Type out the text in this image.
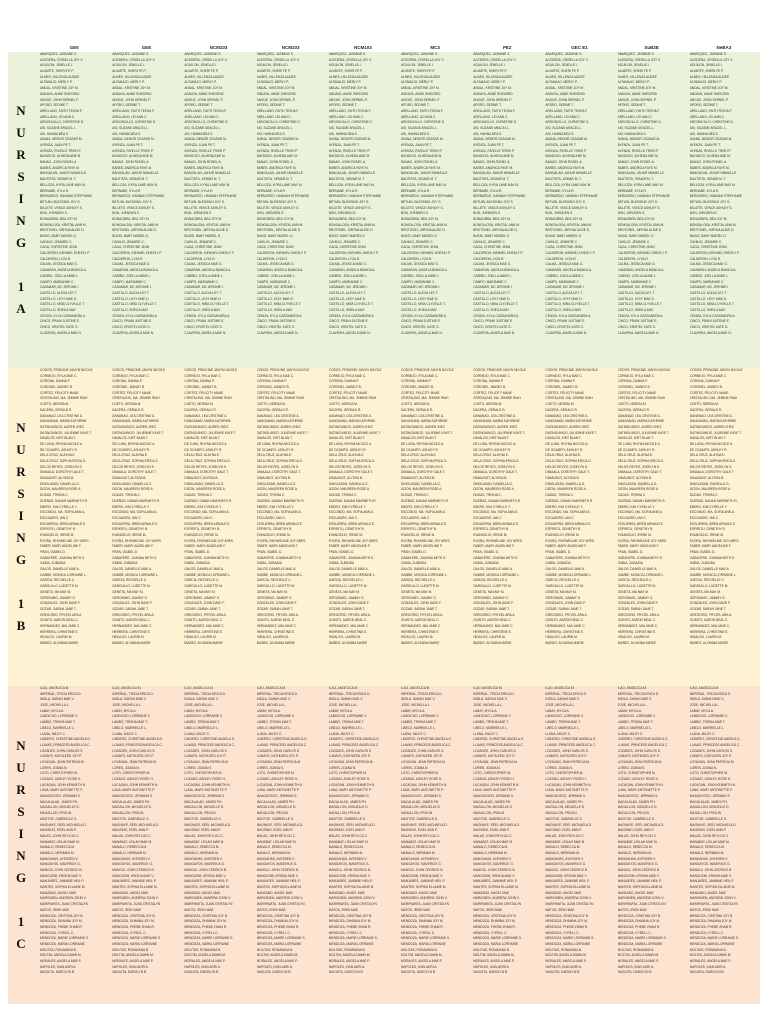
GE5	GE8	NCM103	NCM103	NCM103	MC3	PE2	GEC E1	SuB2E	NeBA3
ABARQUEZ, JASMINE S.
ACEDERA, CRISELLA JOY V.
AGUILON, JENELLE I.
ALVARTE, SHERI FE P.
ALMES, HILLENZA AUDEE
ALTAMAJO, MERLY P.
ANDAL, KRISTINE JOY M.
ANDAYA, ANNE SHEIGRID
ANGUE, JOHN SERNEL P.
APORO, SEDINE T.
ARELLANO, FAITH TEZHA F.
ARELLANO, LEI ANN C.
ARGONCILLO, CHRISTINE D.
ASI, SUZANE ARACEL L.
ASI, HANNA BEA S.
AVANA, NEMOR CEASAR M.
AYENZA, JUAN PE T.
AYENZA, RIVELLE TRISH P.
BAYADOG, ALHENA ANE M.
BANAG, JOHN RONEL A.
BAÑES, ANDRICA FAYE M.
BANGALAN, JAHUR NIMAELLE
BAUTISTA, XEMAR M. T.
BELLOZA, KYRA LANE MAY M.
BERNABE, KYLA R.
BERNARDO, HANNAH STEPHANIE
BETUIN, BLESSING JOY S.
BILLETE, VENCE ASHLEY S.
BON, JHENDEN S.
BONAOBRA, BEA JOY M.
BONGALOSA, KRISTAL ANN M.
BROTONEL, MRYNA ALDIE D.
BUKID, BABY MARIEL D.
CAHILIG, JEMARIE C.
CAGA, CHRISTINE JEAN
CALDERON, KIENNEL DHESLY P.
CALDERON, LYZA R.
CALMA, JESSICA MAE G.
CAMARAN, ANGELA BIANCA A.
CAÑIÑO, JOELLA ANNE L.
CAMPO, MARIANNE C.
CASAMAR, MC JEROME I.
CASTILLO, ALEXA LEY T.
CASTILLO, LEXY MAE D.
CASTILLO, NIÑA CLYVELLE T.
CASTILLO, SHEILA MAY
CENIZA, KYLA CASSANDRA A.
CINCO, PRANI JUSTINE E.
CINCO, KRISTEL KATE G.
CLAVERIA, ANGELA MAE N.
ABARQUEZ, JASMINE S.
ACEDERA, CRISELLA JOY V.
AGUILON, JENELLE I.
ALVARTE, SHERI FE P.
ALMES, HILLENZA AUDEE
ALTAMAJO, MERLY P.
ANDAL, KRISTINE JOY M.
ANDAYA, ANNE SHEIGRID
ANGUE, JOHN SERNEL P.
APORO, SEDINE T.
ARELLANO, FAITH TEZHA F.
ARELLANO, LEI ANN C.
ARGONCILLO, CHRISTINE D.
ASI, SUZANE ARACEL L.
ASI, HANNA BEA S.
AVANA, NEMOR CEASAR M.
AYENZA, JUAN PE T.
AYENZA, RIVELLE TRISH P.
BAYADOG, ALHENA ANE M.
BANAG, JOHN RONEL A.
BAÑES, ANDRICA FAYE M.
BANGALAN, JAHUR NIMAELLE
BAUTISTA, XEMAR M. T.
BELLOZA, KYRA LANE MAY M.
BERNABE, KYLA R.
BERNARDO, HANNAH STEPHANIE
BETUIN, BLESSING JOY S.
BILLETE, VENCE ASHLEY S.
BON, JHENDEN S.
BONAOBRA, BEA JOY M.
BONGALOSA, KRISTAL ANN M.
BROTONEL, MRYNA ALDIE D.
BUKID, BABY MARIEL D.
CAHILIG, JEMARIE C.
CAGA, CHRISTINE JEAN
CALDERON, KIENNEL DHESLY P.
CALDERON, LYZA R.
CALMA, JESSICA MAE G.
CAMARAN, ANGELA BIANCA A.
CAÑIÑO, JOELLA ANNE L.
CAMPO, MARIANNE C.
CASAMAR, MC JEROME I.
CASTILLO, ALEXA LEY T.
CASTILLO, LEXY MAE D.
CASTILLO, NIÑA CLYVELLE T.
CASTILLO, SHEILA MAY
CENIZA, KYLA CASSANDRA A.
CINCO, PRANI JUSTINE E.
CINCO, KRISTEL KATE G.
CLAVERIA, ANGELA MAE N.
ABARQUEZ, JASMINE S.
ACEDERA, CRISELLA JOY V.
AGUILON, JENELLE I.
ALVARTE, SHERI FE P.
ALMES, HILLENZA AUDEE
ALTAMAJO, MERLY P.
ANDAL, KRISTINE JOY M.
ANDAYA, ANNE SHEIGRID
ANGUE, JOHN SERNEL P.
APORO, SEDINE T.
ARELLANO, FAITH TEZHA F.
ARELLANO, LEI ANN C.
ARGONCILLO, CHRISTINE D.
ASI, SUZANE ARACEL L.
ASI, HANNA BEA S.
AVANA, NEMOR CEASAR M.
AYENZA, JUAN PE T.
AYENZA, RIVELLE TRISH P.
BAYADOG, ALHENA ANE M.
BANAG, JOHN RONEL A.
BAÑES, ANDRICA FAYE M.
BANGALAN, JAHUR NIMAELLE
BAUTISTA, XEMAR M. T.
BELLOZA, KYRA LANE MAY M.
BERNABE, KYLA R.
BERNARDO, HANNAH STEPHANIE
BETUIN, BLESSING JOY S.
BILLETE, VENCE ASHLEY S.
BON, JHENDEN S.
BONAOBRA, BEA JOY M.
BONGALOSA, KRISTAL ANN M.
BROTONEL, MRYNA ALDIE D.
BUKID, BABY MARIEL D.
CAHILIG, JEMARIE C.
CAGA, CHRISTINE JEAN
CALDERON, KIENNEL DHESLY P.
CALDERON, LYZA R.
CALMA, JESSICA MAE G.
CAMARAN, ANGELA BIANCA A.
CAÑIÑO, JOELLA ANNE L.
CAMPO, MARIANNE C.
CASAMAR, MC JEROME I.
CASTILLO, ALEXA LEY T.
CASTILLO, LEXY MAE D.
CASTILLO, NIÑA CLYVELLE T.
CASTILLO, SHEILA MAY
CENIZA, KYLA CASSANDRA A.
CINCO, PRANI JUSTINE E.
CINCO, KRISTEL KATE G.
CLAVERIA, ANGELA MAE N.
ABARQUEZ, JASMINE S.
ACEDERA, CRISELLA JOY V.
AGUILON, JENELLE I.
ALVARTE, SHERI FE P.
ALMES, HILLENZA AUDEE
ALTAMAJO, MERLY P.
ANDAL, KRISTINE JOY M.
ANDAYA, ANNE SHEIGRID
ANGUE, JOHN SERNEL P.
APORO, SEDINE T.
ARELLANO, FAITH TEZHA F.
ARELLANO, LEI ANN C.
ARGONCILLO, CHRISTINE D.
ASI, SUZANE ARACEL L.
ASI, HANNA BEA S.
AVANA, NEMOR CEASAR M.
AYENZA, JUAN PE T.
AYENZA, RIVELLE TRISH P.
BAYADOG, ALHENA ANE M.
BANAG, JOHN RONEL A.
BAÑES, ANDRICA FAYE M.
BANGALAN, JAHUR NIMAELLE
BAUTISTA, XEMAR M. T.
BELLOZA, KYRA LANE MAY M.
BERNABE, KYLA R.
BERNARDO, HANNAH STEPHANIE
BETUIN, BLESSING JOY S.
BILLETE, VENCE ASHLEY S.
BON, JHENDEN S.
BONAOBRA, BEA JOY M.
BONGALOSA, KRISTAL ANN M.
BROTONEL, MRYNA ALDIE D.
BUKID, BABY MARIEL D.
CAHILIG, JEMARIE C.
CAGA, CHRISTINE JEAN
CALDERON, KIENNEL DHESLY P.
CALDERON, LYZA R.
CALMA, JESSICA MAE G.
CAMARAN, ANGELA BIANCA A.
CAÑIÑO, JOELLA ANNE L.
CAMPO, MARIANNE C.
CASAMAR, MC JEROME I.
CASTILLO, ALEXA LEY T.
CASTILLO, LEXY MAE D.
CASTILLO, NIÑA CLYVELLE T.
CASTILLO, SHEILA MAY
CENIZA, KYLA CASSANDRA A.
CINCO, PRANI JUSTINE E.
CINCO, KRISTEL KATE G.
CLAVERIA, ANGELA MAE N.
ABARQUEZ, JASMINE S.
ACEDERA, CRISELLA JOY V.
AGUILON, JENELLE I.
ALVARTE, SHERI FE P.
ALMES, HILLENZA AUDEE
ALTAMAJO, MERLY P.
ANDAL, KRISTINE JOY M.
ANDAYA, ANNE SHEIGRID
ANGUE, JOHN SERNEL P.
APORO, SEDINE T.
ARELLANO, FAITH TEZHA F.
ARELLANO, LEI ANN C.
ARGONCILLO, CHRISTINE D.
ASI, SUZANE ARACEL L.
ASI, HANNA BEA S.
AVANA, NEMOR CEASAR M.
AYENZA, JUAN PE T.
AYENZA, RIVELLE TRISH P.
BAYADOG, ALHENA ANE M.
BANAG, JOHN RONEL A.
BAÑES, ANDRICA FAYE M.
BANGALAN, JAHUR NIMAELLE
BAUTISTA, XEMAR M. T.
BELLOZA, KYRA LANE MAY M.
BERNABE, KYLA R.
BERNARDO, HANNAH STEPHANIE
BETUIN, BLESSING JOY S.
BILLETE, VENCE ASHLEY S.
BON, JHENDEN S.
BONAOBRA, BEA JOY M.
BONGALOSA, KRISTAL ANN M.
BROTONEL, MRYNA ALDIE D.
BUKID, BABY MARIEL D.
CAHILIG, JEMARIE C.
CAGA, CHRISTINE JEAN
CALDERON, KIENNEL DHESLY P.
CALDERON, LYZA R.
CALMA, JESSICA MAE G.
CAMARAN, ANGELA BIANCA A.
CAÑIÑO, JOELLA ANNE L.
CAMPO, MARIANNE C.
CASAMAR, MC JEROME I.
CASTILLO, ALEXA LEY T.
CASTILLO, LEXY MAE D.
CASTILLO, NIÑA CLYVELLE T.
CASTILLO, SHEILA MAY
CENIZA, KYLA CASSANDRA A.
CINCO, PRANI JUSTINE E.
CINCO, KRISTEL KATE G.
CLAVERIA, ANGELA MAE N.
ABARQUEZ, JASMINE S.
ACEDERA, CRISELLA JOY V.
AGUILON, JENELLE I.
ALVARTE, SHERI FE P.
ALMES, HILLENZA AUDEE
ALTAMAJO, MERLY P.
ANDAL, KRISTINE JOY M.
ANDAYA, ANNE SHEIGRID
ANGUE, JOHN SERNEL P.
APORO, SEDINE T.
ARELLANO, FAITH TEZHA F.
ARELLANO, LEI ANN C.
ARGONCILLO, CHRISTINE D.
ASI, SUZANE ARACEL L.
ASI, HANNA BEA S.
AVANA, NEMOR CEASAR M.
AYENZA, JUAN PE T.
AYENZA, RIVELLE TRISH P.
BAYADOG, ALHENA ANE M.
BANAG, JOHN RONEL A.
BAÑES, ANDRICA FAYE M.
BANGALAN, JAHUR NIMAELLE
BAUTISTA, XEMAR M. T.
BELLOZA, KYRA LANE MAY M.
BERNABE, KYLA R.
BERNARDO, HANNAH STEPHANIE
BETUIN, BLESSING JOY S.
BILLETE, VENCE ASHLEY S.
BON, JHENDEN S.
BONAOBRA, BEA JOY M.
BONGALOSA, KRISTAL ANN M.
BROTONEL, MRYNA ALDIE D.
BUKID, BABY MARIEL D.
CAHILIG, JEMARIE C.
CAGA, CHRISTINE JEAN
CALDERON, KIENNEL DHESLY P.
CALDERON, LYZA R.
CALMA, JESSICA MAE G.
CAMARAN, ANGELA BIANCA A.
CAÑIÑO, JOELLA ANNE L.
CAMPO, MARIANNE C.
CASAMAR, MC JEROME I.
CASTILLO, ALEXA LEY T.
CASTILLO, LEXY MAE D.
CASTILLO, NIÑA CLYVELLE T.
CASTILLO, SHEILA MAY
CENIZA, KYLA CASSANDRA A.
CINCO, PRANI JUSTINE E.
CINCO, KRISTEL KATE G.
CLAVERIA, ANGELA MAE N.
ABARQUEZ, JASMINE S.
ACEDERA, CRISELLA JOY V.
AGUILON, JENELLE I.
ALVARTE, SHERI FE P.
ALMES, HILLENZA AUDEE
ALTAMAJO, MERLY P.
ANDAL, KRISTINE JOY M.
ANDAYA, ANNE SHEIGRID
ANGUE, JOHN SERNEL P.
APORO, SEDINE T.
ARELLANO, FAITH TEZHA F.
ARELLANO, LEI ANN C.
ARGONCILLO, CHRISTINE D.
ASI, SUZANE ARACEL L.
ASI, HANNA BEA S.
AVANA, NEMOR CEASAR M.
AYENZA, JUAN PE T.
AYENZA, RIVELLE TRISH P.
BAYADOG, ALHENA ANE M.
BANAG, JOHN RONEL A.
BAÑES, ANDRICA FAYE M.
BANGALAN, JAHUR NIMAELLE
BAUTISTA, XEMAR M. T.
BELLOZA, KYRA LANE MAY M.
BERNABE, KYLA R.
BERNARDO, HANNAH STEPHANIE
BETUIN, BLESSING JOY S.
BILLETE, VENCE ASHLEY S.
BON, JHENDEN S.
BONAOBRA, BEA JOY M.
BONGALOSA, KRISTAL ANN M.
BROTONEL, MRYNA ALDIE D.
BUKID, BABY MARIEL D.
CAHILIG, JEMARIE C.
CAGA, CHRISTINE JEAN
CALDERON, KIENNEL DHESLY P.
CALDERON, LYZA R.
CALMA, JESSICA MAE G.
CAMARAN, ANGELA BIANCA A.
CAÑIÑO, JOELLA ANNE L.
CAMPO, MARIANNE C.
CASAMAR, MC JEROME I.
CASTILLO, ALEXA LEY T.
CASTILLO, LEXY MAE D.
CASTILLO, NIÑA CLYVELLE T.
CASTILLO, SHEILA MAY
CENIZA, KYLA CASSANDRA A.
CINCO, PRANI JUSTINE E.
CINCO, KRISTEL KATE G.
CLAVERIA, ANGELA MAE N.
ABARQUEZ, JASMINE S.
ACEDERA, CRISELLA JOY V.
AGUILON, JENELLE I.
ALVARTE, SHERI FE P.
ALMES, HILLENZA AUDEE
ALTAMAJO, MERLY P.
ANDAL, KRISTINE JOY M.
ANDAYA, ANNE SHEIGRID
ANGUE, JOHN SERNEL P.
APORO, SEDINE T.
ARELLANO, FAITH TEZHA F.
ARELLANO, LEI ANN C.
ARGONCILLO, CHRISTINE D.
ASI, SUZANE ARACEL L.
ASI, HANNA BEA S.
AVANA, NEMOR CEASAR M.
AYENZA, JUAN PE T.
AYENZA, RIVELLE TRISH P.
BAYADOG, ALHENA ANE M.
BANAG, JOHN RONEL A.
BAÑES, ANDRICA FAYE M.
BANGALAN, JAHUR NIMAELLE
BAUTISTA, XEMAR M. T.
BELLOZA, KYRA LANE MAY M.
BERNABE, KYLA R.
BERNARDO, HANNAH STEPHANIE
BETUIN, BLESSING JOY S.
BILLETE, VENCE ASHLEY S.
BON, JHENDEN S.
BONAOBRA, BEA JOY M.
BONGALOSA, KRISTAL ANN M.
BROTONEL, MRYNA ALDIE D.
BUKID, BABY MARIEL D.
CAHILIG, JEMARIE C.
CAGA, CHRISTINE JEAN
CALDERON, KIENNEL DHESLY P.
CALDERON, LYZA R.
CALMA, JESSICA MAE G.
CAMARAN, ANGELA BIANCA A.
CAÑIÑO, JOELLA ANNE L.
CAMPO, MARIANNE C.
CASAMAR, MC JEROME I.
CASTILLO, ALEXA LEY T.
CASTILLO, LEXY MAE D.
CASTILLO, NIÑA CLYVELLE T.
CASTILLO, SHEILA MAY
CENIZA, KYLA CASSANDRA A.
CINCO, PRANI JUSTINE E.
CINCO, KRISTEL KATE G.
CLAVERIA, ANGELA MAE N.
ABARQUEZ, JASMINE S.
ACEDERA, CRISELLA JOY V.
AGUILON, JENELLE I.
ALVARTE, SHERI FE P.
ALMES, HILLENZA AUDEE
ALTAMAJO, MERLY P.
ANDAL, KRISTINE JOY M.
ANDAYA, ANNE SHEIGRID
ANGUE, JOHN SERNEL P.
APORO, SEDINE T.
ARELLANO, FAITH TEZHA F.
ARELLANO, LEI ANN C.
ARGONCILLO, CHRISTINE D.
ASI, SUZANE ARACEL L.
ASI, HANNA BEA S.
AVANA, NEMOR CEASAR M.
AYENZA, JUAN PE T.
AYENZA, RIVELLE TRISH P.
BAYADOG, ALHENA ANE M.
BANAG, JOHN RONEL A.
BAÑES, ANDRICA FAYE M.
BANGALAN, JAHUR NIMAELLE
BAUTISTA, XEMAR M. T.
BELLOZA, KYRA LANE MAY M.
BERNABE, KYLA R.
BERNARDO, HANNAH STEPHANIE
BETUIN, BLESSING JOY S.
BILLETE, VENCE ASHLEY S.
BON, JHENDEN S.
BONAOBRA, BEA JOY M.
BONGALOSA, KRISTAL ANN M.
BROTONEL, MRYNA ALDIE D.
BUKID, BABY MARIEL D.
CAHILIG, JEMARIE C.
CAGA, CHRISTINE JEAN
CALDERON, KIENNEL DHESLY P.
CALDERON, LYZA R.
CALMA, JESSICA MAE G.
CAMARAN, ANGELA BIANCA A.
CAÑIÑO, JOELLA ANNE L.
CAMPO, MARIANNE C.
CASAMAR, MC JEROME I.
CASTILLO, ALEXA LEY T.
CASTILLO, LEXY MAE D.
CASTILLO, NIÑA CLYVELLE T.
CASTILLO, SHEILA MAY
CENIZA, KYLA CASSANDRA A.
CINCO, PRANI JUSTINE E.
CINCO, KRISTEL KATE G.
CLAVERIA, ANGELA MAE N.
ABARQUEZ, JASMINE S.
ACEDERA, CRISELLA JOY V.
AGUILON, JENELLE I.
ALVARTE, SHERI FE P.
ALMES, HILLENZA AUDEE
ALTAMAJO, MERLY P.
ANDAL, KRISTINE JOY M.
ANDAYA, ANNE SHEIGRID
ANGUE, JOHN SERNEL P.
APORO, SEDINE T.
ARELLANO, FAITH TEZHA F.
ARELLANO, LEI ANN C.
ARGONCILLO, CHRISTINE D.
ASI, SUZANE ARACEL L.
ASI, HANNA BEA S.
AVANA, NEMOR CEASAR M.
AYENZA, JUAN PE T.
AYENZA, RIVELLE TRISH P.
BAYADOG, ALHENA ANE M.
BANAG, JOHN RONEL A.
BAÑES, ANDRICA FAYE M.
BANGALAN, JAHUR NIMAELLE
BAUTISTA, XEMAR M. T.
BELLOZA, KYRA LANE MAY M.
BERNABE, KYLA R.
BERNARDO, HANNAH STEPHANIE
BETUIN, BLESSING JOY S.
BILLETE, VENCE ASHLEY S.
BON, JHENDEN S.
BONAOBRA, BEA JOY M.
BONGALOSA, KRISTAL ANN M.
BROTONEL, MRYNA ALDIE D.
BUKID, BABY MARIEL D.
CAHILIG, JEMARIE C.
CAGA, CHRISTINE JEAN
CALDERON, KIENNEL DHESLY P.
CALDERON, LYZA R.
CALMA, JESSICA MAE G.
CAMARAN, ANGELA BIANCA A.
CAÑIÑO, JOELLA ANNE L.
CAMPO, MARIANNE C.
CASAMAR, MC JEROME I.
CASTILLO, ALEXA LEY T.
CASTILLO, LEXY MAE D.
CASTILLO, NIÑA CLYVELLE T.
CASTILLO, SHEILA MAY
CENIZA, KYLA CASSANDRA A.
CINCO, PRANI JUSTINE E.
CINCO, KRISTEL KATE G.
CLAVERIA, ANGELA MAE N.
N
U
R
S
I
N
G

1
A
CODOS, PRINCINE JANYN NICOLE
CORNEJO, RYLA MAE C.
CORONA, DANNA P.
CORONEL, MANDY B.
CORTEZ, FELICITY MAAE
CRISTALINO, MA. JEMINE RIAH
CUETO, NERISA M.
DACERA, GERALD R.
DANANAO, LEA CRISTINE A.
DANGANAN, MARIA KATHRINE
DATINGUINOO, AUREN JHEZ
DATINGUINOO, JULIENNE KAYE T.
DAVALOS, KIRT BLAN T.
DE LUNA, RHYNA NICOLE A.
DE OCAMPO, ASHLEY R.
DELA CRUZ, ALAYNA E.
DELA CRUZ, SOPHIA ERICA G.
DELOS REYES, JOSELYN S.
DIMAALA, DOROTHY GALE T.
DIMAUNOT, ALYSSA B.
DINGLASAN, DANIELLA G.
DIZON, MAUREEN ROSE A.
DUDAS, TRISHA C.
DUEÑAS, DANAH MARINETH R.
EBERO, KIM CYRELLE Y.
ESCONDO, MA. SOFIA ANN A.
ESCUADRO, IAN C.
ESGUERRA, BREN ARNALD E.
ESPIRITU, GENETHY B.
EVANGELIO, IRENE M.
EVORA, RHOWELINE JOY ARES
FABER, MARY ANGELINE F.
FRAN, ISABEL D.
GABAYERE, JOANNA BETH S.
GABIA, ZUBAIDA
GALOS, DANIELLE MAE A.
GAMBE, MONICA LORRAINE L.
GARCIA, RECHELLE C.
GARGULLO, LUDETTE M.
GENETA, MA MAY M.
GERONIMO, JIAMMY G.
GONZALES, JOHN DAVE F.
GOZAR, SARAH JANE T.
GREGORIO, FRYZEL ARA A.
GUINTO, AARON NEAL C.
HERNANDEZ, MIA JANE C.
HERRERA, CHRISTINE E.
HIDALGO, LAURIN M.
IBAÑEZ, ALYANNA MARIE
CODOS, PRINCINE JANYN NICOLE
CORNEJO, RYLA MAE C.
CORONA, DANNA P.
CORONEL, MANDY B.
CORTEZ, FELICITY MAAE
CRISTALINO, MA. JEMINE RIAH
CUETO, NERISA M.
DACERA, GERALD R.
DANANAO, LEA CRISTINE A.
DANGANAN, MARIA KATHRINE
DATINGUINOO, AUREN JHEZ
DATINGUINOO, JULIENNE KAYE T.
DAVALOS, KIRT BLAN T.
DE LUNA, RHYNA NICOLE A.
DE OCAMPO, ASHLEY R.
DELA CRUZ, ALAYNA E.
DELA CRUZ, SOPHIA ERICA G.
DELOS REYES, JOSELYN S.
DIMAALA, DOROTHY GALE T.
DIMAUNOT, ALYSSA B.
DINGLASAN, DANIELLA G.
DIZON, MAUREEN ROSE A.
DUDAS, TRISHA C.
DUEÑAS, DANAH MARINETH R.
EBERO, KIM CYRELLE Y.
ESCONDO, MA. SOFIA ANN A.
ESCUADRO, IAN C.
ESGUERRA, BREN ARNALD E.
ESPIRITU, GENETHY B.
EVANGELIO, IRENE M.
EVORA, RHOWELINE JOY ARES
FABER, MARY ANGELINE F.
FRAN, ISABEL D.
GABAYERE, JOANNA BETH S.
GABIA, ZUBAIDA
GALOS, DANIELLE MAE A.
GAMBE, MONICA LORRAINE L.
GARCIA, RECHELLE C.
GARGULLO, LUDETTE M.
GENETA, MA MAY M.
GERONIMO, JIAMMY G.
GONZALES, JOHN DAVE F.
GOZAR, SARAH JANE T.
GREGORIO, FRYZEL ARA A.
GUINTO, AARON NEAL C.
HERNANDEZ, MIA JANE C.
HERRERA, CHRISTINE E.
HIDALGO, LAURIN M.
IBAÑEZ, ALYANNA MARIE
CODOS, PRINCINE JANYN NICOLE
CORNEJO, RYLA MAE C.
CORONA, DANNA P.
CORONEL, MANDY B.
CORTEZ, FELICITY MAAE
CRISTALINO, MA. JEMINE RIAH
CUETO, NERISA M.
DACERA, GERALD R.
DANANAO, LEA CRISTINE A.
DANGANAN, MARIA KATHRINE
DATINGUINOO, AUREN JHEZ
DATINGUINOO, JULIENNE KAYE T.
DAVALOS, KIRT BLAN T.
DE LUNA, RHYNA NICOLE A.
DE OCAMPO, ASHLEY R.
DELA CRUZ, ALAYNA E.
DELA CRUZ, SOPHIA ERICA G.
DELOS REYES, JOSELYN S.
DIMAALA, DOROTHY GALE T.
DIMAUNOT, ALYSSA B.
DINGLASAN, DANIELLA G.
DIZON, MAUREEN ROSE A.
DUDAS, TRISHA C.
DUEÑAS, DANAH MARINETH R.
EBERO, KIM CYRELLE Y.
ESCONDO, MA. SOFIA ANN A.
ESCUADRO, IAN C.
ESGUERRA, BREN ARNALD E.
ESPIRITU, GENETHY B.
EVANGELIO, IRENE M.
EVORA, RHOWELINE JOY ARES
FABER, MARY ANGELINE F.
FRAN, ISABEL D.
GABAYERE, JOANNA BETH S.
GABIA, ZUBAIDA
GALOS, DANIELLE MAE A.
GAMBE, MONICA LORRAINE L.
GARCIA, RECHELLE C.
GARGULLO, LUDETTE M.
GENETA, MA MAY M.
GERONIMO, JIAMMY G.
GONZALES, JOHN DAVE F.
GOZAR, SARAH JANE T.
GREGORIO, FRYZEL ARA A.
GUINTO, AARON NEAL C.
HERNANDEZ, MIA JANE C.
HERRERA, CHRISTINE E.
HIDALGO, LAURIN M.
IBAÑEZ, ALYANNA MARIE
CODOS, PRINCINE JANYN NICOLE
CORNEJO, RYLA MAE C.
CORONA, DANNA P.
CORONEL, MANDY B.
CORTEZ, FELICITY MAAE
CRISTALINO, MA. JEMINE RIAH
CUETO, NERISA M.
DACERA, GERALD R.
DANANAO, LEA CRISTINE A.
DANGANAN, MARIA KATHRINE
DATINGUINOO, AUREN JHEZ
DATINGUINOO, JULIENNE KAYE T.
DAVALOS, KIRT BLAN T.
DE LUNA, RHYNA NICOLE A.
DE OCAMPO, ASHLEY R.
DELA CRUZ, ALAYNA E.
DELA CRUZ, SOPHIA ERICA G.
DELOS REYES, JOSELYN S.
DIMAALA, DOROTHY GALE T.
DIMAUNOT, ALYSSA B.
DINGLASAN, DANIELLA G.
DIZON, MAUREEN ROSE A.
DUDAS, TRISHA C.
DUEÑAS, DANAH MARINETH R.
EBERO, KIM CYRELLE Y.
ESCONDO, MA. SOFIA ANN A.
ESCUADRO, IAN C.
ESGUERRA, BREN ARNALD E.
ESPIRITU, GENETHY B.
EVANGELIO, IRENE M.
EVORA, RHOWELINE JOY ARES
FABER, MARY ANGELINE F.
FRAN, ISABEL D.
GABAYERE, JOANNA BETH S.
GABIA, ZUBAIDA
GALOS, DANIELLE MAE A.
GAMBE, MONICA LORRAINE L.
GARCIA, RECHELLE C.
GARGULLO, LUDETTE M.
GENETA, MA MAY M.
GERONIMO, JIAMMY G.
GONZALES, JOHN DAVE F.
GOZAR, SARAH JANE T.
GREGORIO, FRYZEL ARA A.
GUINTO, AARON NEAL C.
HERNANDEZ, MIA JANE C.
HERRERA, CHRISTINE E.
HIDALGO, LAURIN M.
IBAÑEZ, ALYANNA MARIE
CODOS, PRINCINE JANYN NICOLE
CORNEJO, RYLA MAE C.
CORONA, DANNA P.
CORONEL, MANDY B.
CORTEZ, FELICITY MAAE
CRISTALINO, MA. JEMINE RIAH
CUETO, NERISA M.
DACERA, GERALD R.
DANANAO, LEA CRISTINE A.
DANGANAN, MARIA KATHRINE
DATINGUINOO, AUREN JHEZ
DATINGUINOO, JULIENNE KAYE T.
DAVALOS, KIRT BLAN T.
DE LUNA, RHYNA NICOLE A.
DE OCAMPO, ASHLEY R.
DELA CRUZ, ALAYNA E.
DELA CRUZ, SOPHIA ERICA G.
DELOS REYES, JOSELYN S.
DIMAALA, DOROTHY GALE T.
DIMAUNOT, ALYSSA B.
DINGLASAN, DANIELLA G.
DIZON, MAUREEN ROSE A.
DUDAS, TRISHA C.
DUEÑAS, DANAH MARINETH R.
EBERO, KIM CYRELLE Y.
ESCONDO, MA. SOFIA ANN A.
ESCUADRO, IAN C.
ESGUERRA, BREN ARNALD E.
ESPIRITU, GENETHY B.
EVANGELIO, IRENE M.
EVORA, RHOWELINE JOY ARES
FABER, MARY ANGELINE F.
FRAN, ISABEL D.
GABAYERE, JOANNA BETH S.
GABIA, ZUBAIDA
GALOS, DANIELLE MAE A.
GAMBE, MONICA LORRAINE L.
GARCIA, RECHELLE C.
GARGULLO, LUDETTE M.
GENETA, MA MAY M.
GERONIMO, JIAMMY G.
GONZALES, JOHN DAVE F.
GOZAR, SARAH JANE T.
GREGORIO, FRYZEL ARA A.
GUINTO, AARON NEAL C.
HERNANDEZ, MIA JANE C.
HERRERA, CHRISTINE E.
HIDALGO, LAURIN M.
IBAÑEZ, ALYANNA MARIE
CODOS, PRINCINE JANYN NICOLE
CORNEJO, RYLA MAE C.
CORONA, DANNA P.
CORONEL, MANDY B.
CORTEZ, FELICITY MAAE
CRISTALINO, MA. JEMINE RIAH
CUETO, NERISA M.
DACERA, GERALD R.
DANANAO, LEA CRISTINE A.
DANGANAN, MARIA KATHRINE
DATINGUINOO, AUREN JHEZ
DATINGUINOO, JULIENNE KAYE T.
DAVALOS, KIRT BLAN T.
DE LUNA, RHYNA NICOLE A.
DE OCAMPO, ASHLEY R.
DELA CRUZ, ALAYNA E.
DELA CRUZ, SOPHIA ERICA G.
DELOS REYES, JOSELYN S.
DIMAALA, DOROTHY GALE T.
DIMAUNOT, ALYSSA B.
DINGLASAN, DANIELLA G.
DIZON, MAUREEN ROSE A.
DUDAS, TRISHA C.
DUEÑAS, DANAH MARINETH R.
EBERO, KIM CYRELLE Y.
ESCONDO, MA. SOFIA ANN A.
ESCUADRO, IAN C.
ESGUERRA, BREN ARNALD E.
ESPIRITU, GENETHY B.
EVANGELIO, IRENE M.
EVORA, RHOWELINE JOY ARES
FABER, MARY ANGELINE F.
FRAN, ISABEL D.
GABAYERE, JOANNA BETH S.
GABIA, ZUBAIDA
GALOS, DANIELLE MAE A.
GAMBE, MONICA LORRAINE L.
GARCIA, RECHELLE C.
GARGULLO, LUDETTE M.
GENETA, MA MAY M.
GERONIMO, JIAMMY G.
GONZALES, JOHN DAVE F.
GOZAR, SARAH JANE T.
GREGORIO, FRYZEL ARA A.
GUINTO, AARON NEAL C.
HERNANDEZ, MIA JANE C.
HERRERA, CHRISTINE E.
HIDALGO, LAURIN M.
IBAÑEZ, ALYANNA MARIE
CODOS, PRINCINE JANYN NICOLE
CORNEJO, RYLA MAE C.
CORONA, DANNA P.
CORONEL, MANDY B.
CORTEZ, FELICITY MAAE
CRISTALINO, MA. JEMINE RIAH
CUETO, NERISA M.
DACERA, GERALD R.
DANANAO, LEA CRISTINE A.
DANGANAN, MARIA KATHRINE
DATINGUINOO, AUREN JHEZ
DATINGUINOO, JULIENNE KAYE T.
DAVALOS, KIRT BLAN T.
DE LUNA, RHYNA NICOLE A.
DE OCAMPO, ASHLEY R.
DELA CRUZ, ALAYNA E.
DELA CRUZ, SOPHIA ERICA G.
DELOS REYES, JOSELYN S.
DIMAALA, DOROTHY GALE T.
DIMAUNOT, ALYSSA B.
DINGLASAN, DANIELLA G.
DIZON, MAUREEN ROSE A.
DUDAS, TRISHA C.
DUEÑAS, DANAH MARINETH R.
EBERO, KIM CYRELLE Y.
ESCONDO, MA. SOFIA ANN A.
ESCUADRO, IAN C.
ESGUERRA, BREN ARNALD E.
ESPIRITU, GENETHY B.
EVANGELIO, IRENE M.
EVORA, RHOWELINE JOY ARES
FABER, MARY ANGELINE F.
FRAN, ISABEL D.
GABAYERE, JOANNA BETH S.
GABIA, ZUBAIDA
GALOS, DANIELLE MAE A.
GAMBE, MONICA LORRAINE L.
GARCIA, RECHELLE C.
GARGULLO, LUDETTE M.
GENETA, MA MAY M.
GERONIMO, JIAMMY G.
GONZALES, JOHN DAVE F.
GOZAR, SARAH JANE T.
GREGORIO, FRYZEL ARA A.
GUINTO, AARON NEAL C.
HERNANDEZ, MIA JANE C.
HERRERA, CHRISTINE E.
HIDALGO, LAURIN M.
IBAÑEZ, ALYANNA MARIE
CODOS, PRINCINE JANYN NICOLE
CORNEJO, RYLA MAE C.
CORONA, DANNA P.
CORONEL, MANDY B.
CORTEZ, FELICITY MAAE
CRISTALINO, MA. JEMINE RIAH
CUETO, NERISA M.
DACERA, GERALD R.
DANANAO, LEA CRISTINE A.
DANGANAN, MARIA KATHRINE
DATINGUINOO, AUREN JHEZ
DATINGUINOO, JULIENNE KAYE T.
DAVALOS, KIRT BLAN T.
DE LUNA, RHYNA NICOLE A.
DE OCAMPO, ASHLEY R.
DELA CRUZ, ALAYNA E.
DELA CRUZ, SOPHIA ERICA G.
DELOS REYES, JOSELYN S.
DIMAALA, DOROTHY GALE T.
DIMAUNOT, ALYSSA B.
DINGLASAN, DANIELLA G.
DIZON, MAUREEN ROSE A.
DUDAS, TRISHA C.
DUEÑAS, DANAH MARINETH R.
EBERO, KIM CYRELLE Y.
ESCONDO, MA. SOFIA ANN A.
ESCUADRO, IAN C.
ESGUERRA, BREN ARNALD E.
ESPIRITU, GENETHY B.
EVANGELIO, IRENE M.
EVORA, RHOWELINE JOY ARES
FABER, MARY ANGELINE F.
FRAN, ISABEL D.
GABAYERE, JOANNA BETH S.
GABIA, ZUBAIDA
GALOS, DANIELLE MAE A.
GAMBE, MONICA LORRAINE L.
GARCIA, RECHELLE C.
GARGULLO, LUDETTE M.
GENETA, MA MAY M.
GERONIMO, JIAMMY G.
GONZALES, JOHN DAVE F.
GOZAR, SARAH JANE T.
GREGORIO, FRYZEL ARA A.
GUINTO, AARON NEAL C.
HERNANDEZ, MIA JANE C.
HERRERA, CHRISTINE E.
HIDALGO, LAURIN M.
IBAÑEZ, ALYANNA MARIE
CODOS, PRINCINE JANYN NICOLE
CORNEJO, RYLA MAE C.
CORONA, DANNA P.
CORONEL, MANDY B.
CORTEZ, FELICITY MAAE
CRISTALINO, MA. JEMINE RIAH
CUETO, NERISA M.
DACERA, GERALD R.
DANANAO, LEA CRISTINE A.
DANGANAN, MARIA KATHRINE
DATINGUINOO, AUREN JHEZ
DATINGUINOO, JULIENNE KAYE T.
DAVALOS, KIRT BLAN T.
DE LUNA, RHYNA NICOLE A.
DE OCAMPO, ASHLEY R.
DELA CRUZ, ALAYNA E.
DELA CRUZ, SOPHIA ERICA G.
DELOS REYES, JOSELYN S.
DIMAALA, DOROTHY GALE T.
DIMAUNOT, ALYSSA B.
DINGLASAN, DANIELLA G.
DIZON, MAUREEN ROSE A.
DUDAS, TRISHA C.
DUEÑAS, DANAH MARINETH R.
EBERO, KIM CYRELLE Y.
ESCONDO, MA. SOFIA ANN A.
ESCUADRO, IAN C.
ESGUERRA, BREN ARNALD E.
ESPIRITU, GENETHY B.
EVANGELIO, IRENE M.
EVORA, RHOWELINE JOY ARES
FABER, MARY ANGELINE F.
FRAN, ISABEL D.
GABAYERE, JOANNA BETH S.
GABIA, ZUBAIDA
GALOS, DANIELLE MAE A.
GAMBE, MONICA LORRAINE L.
GARCIA, RECHELLE C.
GARGULLO, LUDETTE M.
GENETA, MA MAY M.
GERONIMO, JIAMMY G.
GONZALES, JOHN DAVE F.
GOZAR, SARAH JANE T.
GREGORIO, FRYZEL ARA A.
GUINTO, AARON NEAL C.
HERNANDEZ, MIA JANE C.
HERRERA, CHRISTINE E.
HIDALGO, LAURIN M.
IBAÑEZ, ALYANNA MARIE
CODOS, PRINCINE JANYN NICOLE
CORNEJO, RYLA MAE C.
CORONA, DANNA P.
CORONEL, MANDY B.
CORTEZ, FELICITY MAAE
CRISTALINO, MA. JEMINE RIAH
CUETO, NERISA M.
DACERA, GERALD R.
DANANAO, LEA CRISTINE A.
DANGANAN, MARIA KATHRINE
DATINGUINOO, AUREN JHEZ
DATINGUINOO, JULIENNE KAYE T.
DAVALOS, KIRT BLAN T.
DE LUNA, RHYNA NICOLE A.
DE OCAMPO, ASHLEY R.
DELA CRUZ, ALAYNA E.
DELA CRUZ, SOPHIA ERICA G.
DELOS REYES, JOSELYN S.
DIMAALA, DOROTHY GALE T.
DIMAUNOT, ALYSSA B.
DINGLASAN, DANIELLA G.
DIZON, MAUREEN ROSE A.
DUDAS, TRISHA C.
DUEÑAS, DANAH MARINETH R.
EBERO, KIM CYRELLE Y.
ESCONDO, MA. SOFIA ANN A.
ESCUADRO, IAN C.
ESGUERRA, BREN ARNALD E.
ESPIRITU, GENETHY B.
EVANGELIO, IRENE M.
EVORA, RHOWELINE JOY ARES
FABER, MARY ANGELINE F.
FRAN, ISABEL D.
GABAYERE, JOANNA BETH S.
GABIA, ZUBAIDA
GALOS, DANIELLE MAE A.
GAMBE, MONICA LORRAINE L.
GARCIA, RECHELLE C.
GARGULLO, LUDETTE M.
GENETA, MA MAY M.
GERONIMO, JIAMMY G.
GONZALES, JOHN DAVE F.
GOZAR, SARAH JANE T.
GREGORIO, FRYZEL ARA A.
GUINTO, AARON NEAL C.
HERNANDEZ, MIA JANE C.
HERRERA, CHRISTINE E.
HIDALGO, LAURIN M.
IBAÑEZ, ALYANNA MARIE
N
U
R
S
I
N
G

1
B
ILAO, ANGELICA M.
IMPERIAL, TRICIA ERICA D.
INSILA, SARAH MAE V.
JOSE, MICHELLA L.
LABAY, MYCA A.
LANDICHO, LORRAINE V.
LAMBO, TRISHA MAE T.
LIBELO, MARRIELLE L.
LLANA, MILDY C.
LINDERO, CHRISTINE ANGELA G.
LLAVAS, PRINCESS ANGELICA C.
LOZADES, JOHN CARLOS S.
LUMAYS, KATHLEEN JOY P.
LOYAGAN, JEAN PATRICIA M.
LOREN, JOANA N.
LOTO, CHRISTOPHER M.
LOZANO, ASHLEY ROSE H.
LUCAGAN, JOHN KENNETH N.
LUNA, MARY ANTONETTE P.
MAAGAYGOO, JERWAIN S.
MACALALAD, JAMES PH.
MAGALLON, MIGUELLE D.
MAGALLON, FROLIN
MAGTOE, GABRIELLE S.
MAGNAYE, SEEL MICHAELA D.
MAGSINO, EIZEL ANN P.
MALAS, JOHN REYLOU C.
MANABAT, LEILAH MAE M.
MANALO, REBECCA M.
MANALO, NERIMAN M.
MANGAHAS, AYESSEN V.
MANGAYOS, MAVERICK G.
MANGUI, JOHN CEDRICK B.
MANGUSIB, KRISHA MAE V.
MANJARES, JANNINE HEIL P.
MANTES, SOPHIA ELLAINE M.
MANZANO, ANGEL MAE
MARIGMEN, ANDREW JOHN V.
MARIPAWITA, JUAN CRISTALYN
MATOS, IRISH MAE
MENDOZA, CRISTINA JOY B.
MENDOZA, DHANNA JOY M.
MENDOZA, PHEBE ZHAM R.
MENDOZA, CYRELL C.
MENDOZA, MARIE LORRAINE S.
MENDOZA, MARIA LORRAINE
MOLITAS, RONAVANA B.
MOLTIM, ANGELA DAWN M.
MORALES, ANGELA MAE P.
NAPOLES, KIAN ADRI A.
NAGUITA, DAROLYN B.
ILAO, ANGELICA M.
IMPERIAL, TRICIA ERICA D.
INSILA, SARAH MAE V.
JOSE, MICHELLA L.
LABAY, MYCA A.
LANDICHO, LORRAINE V.
LAMBO, TRISHA MAE T.
LIBELO, MARRIELLE L.
LLANA, MILDY C.
LINDERO, CHRISTINE ANGELA G.
LLAVAS, PRINCESS ANGELICA C.
LOZADES, JOHN CARLOS S.
LUMAYS, KATHLEEN JOY P.
LOYAGAN, JEAN PATRICIA M.
LOREN, JOANA N.
LOTO, CHRISTOPHER M.
LOZANO, ASHLEY ROSE H.
LUCAGAN, JOHN KENNETH N.
LUNA, MARY ANTONETTE P.
MAAGAYGOO, JERWAIN S.
MACALALAD, JAMES PH.
MAGALLON, MIGUELLE D.
MAGALLON, FROLIN
MAGTOE, GABRIELLE S.
MAGNAYE, SEEL MICHAELA D.
MAGSINO, EIZEL ANN P.
MALAS, JOHN REYLOU C.
MANABAT, LEILAH MAE M.
MANALO, REBECCA M.
MANALO, NERIMAN M.
MANGAHAS, AYESSEN V.
MANGAYOS, MAVERICK G.
MANGUI, JOHN CEDRICK B.
MANGUSIB, KRISHA MAE V.
MANJARES, JANNINE HEIL P.
MANTES, SOPHIA ELLAINE M.
MANZANO, ANGEL MAE
MARIGMEN, ANDREW JOHN V.
MARIPAWITA, JUAN CRISTALYN
MATOS, IRISH MAE
MENDOZA, CRISTINA JOY B.
MENDOZA, DHANNA JOY M.
MENDOZA, PHEBE ZHAM R.
MENDOZA, CYRELL C.
MENDOZA, MARIE LORRAINE S.
MENDOZA, MARIA LORRAINE
MOLITAS, RONAVANA B.
MOLTIM, ANGELA DAWN M.
MORALES, ANGELA MAE P.
NAPOLES, KIAN ADRI A.
NAGUITA, DAROLYN B.
ILAO, ANGELICA M.
IMPERIAL, TRICIA ERICA D.
INSILA, SARAH MAE V.
JOSE, MICHELLA L.
LABAY, MYCA A.
LANDICHO, LORRAINE V.
LAMBO, TRISHA MAE T.
LIBELO, MARRIELLE L.
LLANA, MILDY C.
LINDERO, CHRISTINE ANGELA G.
LLAVAS, PRINCESS ANGELICA C.
LOZADES, JOHN CARLOS S.
LUMAYS, KATHLEEN JOY P.
LOYAGAN, JEAN PATRICIA M.
LOREN, JOANA N.
LOTO, CHRISTOPHER M.
LOZANO, ASHLEY ROSE H.
LUCAGAN, JOHN KENNETH N.
LUNA, MARY ANTONETTE P.
MAAGAYGOO, JERWAIN S.
MACALALAD, JAMES PH.
MAGALLON, MIGUELLE D.
MAGALLON, FROLIN
MAGTOE, GABRIELLE S.
MAGNAYE, SEEL MICHAELA D.
MAGSINO, EIZEL ANN P.
MALAS, JOHN REYLOU C.
MANABAT, LEILAH MAE M.
MANALO, REBECCA M.
MANALO, NERIMAN M.
MANGAHAS, AYESSEN V.
MANGAYOS, MAVERICK G.
MANGUI, JOHN CEDRICK B.
MANGUSIB, KRISHA MAE V.
MANJARES, JANNINE HEIL P.
MANTES, SOPHIA ELLAINE M.
MANZANO, ANGEL MAE
MARIGMEN, ANDREW JOHN V.
MARIPAWITA, JUAN CRISTALYN
MATOS, IRISH MAE
MENDOZA, CRISTINA JOY B.
MENDOZA, DHANNA JOY M.
MENDOZA, PHEBE ZHAM R.
MENDOZA, CYRELL C.
MENDOZA, MARIE LORRAINE S.
MENDOZA, MARIA LORRAINE
MOLITAS, RONAVANA B.
MOLTIM, ANGELA DAWN M.
MORALES, ANGELA MAE P.
NAPOLES, KIAN ADRI A.
NAGUITA, DAROLYN B.
ILAO, ANGELICA M.
IMPERIAL, TRICIA ERICA D.
INSILA, SARAH MAE V.
JOSE, MICHELLA L.
LABAY, MYCA A.
LANDICHO, LORRAINE V.
LAMBO, TRISHA MAE T.
LIBELO, MARRIELLE L.
LLANA, MILDY C.
LINDERO, CHRISTINE ANGELA G.
LLAVAS, PRINCESS ANGELICA C.
LOZADES, JOHN CARLOS S.
LUMAYS, KATHLEEN JOY P.
LOYAGAN, JEAN PATRICIA M.
LOREN, JOANA N.
LOTO, CHRISTOPHER M.
LOZANO, ASHLEY ROSE H.
LUCAGAN, JOHN KENNETH N.
LUNA, MARY ANTONETTE P.
MAAGAYGOO, JERWAIN S.
MACALALAD, JAMES PH.
MAGALLON, MIGUELLE D.
MAGALLON, FROLIN
MAGTOE, GABRIELLE S.
MAGNAYE, SEEL MICHAELA D.
MAGSINO, EIZEL ANN P.
MALAS, JOHN REYLOU C.
MANABAT, LEILAH MAE M.
MANALO, REBECCA M.
MANALO, NERIMAN M.
MANGAHAS, AYESSEN V.
MANGAYOS, MAVERICK G.
MANGUI, JOHN CEDRICK B.
MANGUSIB, KRISHA MAE V.
MANJARES, JANNINE HEIL P.
MANTES, SOPHIA ELLAINE M.
MANZANO, ANGEL MAE
MARIGMEN, ANDREW JOHN V.
MARIPAWITA, JUAN CRISTALYN
MATOS, IRISH MAE
MENDOZA, CRISTINA JOY B.
MENDOZA, DHANNA JOY M.
MENDOZA, PHEBE ZHAM R.
MENDOZA, CYRELL C.
MENDOZA, MARIE LORRAINE S.
MENDOZA, MARIA LORRAINE
MOLITAS, RONAVANA B.
MOLTIM, ANGELA DAWN M.
MORALES, ANGELA MAE P.
NAPOLES, KIAN ADRI A.
NAGUITA, DAROLYN B.
ILAO, ANGELICA M.
IMPERIAL, TRICIA ERICA D.
INSILA, SARAH MAE V.
JOSE, MICHELLA L.
LABAY, MYCA A.
LANDICHO, LORRAINE V.
LAMBO, TRISHA MAE T.
LIBELO, MARRIELLE L.
LLANA, MILDY C.
LINDERO, CHRISTINE ANGELA G.
LLAVAS, PRINCESS ANGELICA C.
LOZADES, JOHN CARLOS S.
LUMAYS, KATHLEEN JOY P.
LOYAGAN, JEAN PATRICIA M.
LOREN, JOANA N.
LOTO, CHRISTOPHER M.
LOZANO, ASHLEY ROSE H.
LUCAGAN, JOHN KENNETH N.
LUNA, MARY ANTONETTE P.
MAAGAYGOO, JERWAIN S.
MACALALAD, JAMES PH.
MAGALLON, MIGUELLE D.
MAGALLON, FROLIN
MAGTOE, GABRIELLE S.
MAGNAYE, SEEL MICHAELA D.
MAGSINO, EIZEL ANN P.
MALAS, JOHN REYLOU C.
MANABAT, LEILAH MAE M.
MANALO, REBECCA M.
MANALO, NERIMAN M.
MANGAHAS, AYESSEN V.
MANGAYOS, MAVERICK G.
MANGUI, JOHN CEDRICK B.
MANGUSIB, KRISHA MAE V.
MANJARES, JANNINE HEIL P.
MANTES, SOPHIA ELLAINE M.
MANZANO, ANGEL MAE
MARIGMEN, ANDREW JOHN V.
MARIPAWITA, JUAN CRISTALYN
MATOS, IRISH MAE
MENDOZA, CRISTINA JOY B.
MENDOZA, DHANNA JOY M.
MENDOZA, PHEBE ZHAM R.
MENDOZA, CYRELL C.
MENDOZA, MARIE LORRAINE S.
MENDOZA, MARIA LORRAINE
MOLITAS, RONAVANA B.
MOLTIM, ANGELA DAWN M.
MORALES, ANGELA MAE P.
NAPOLES, KIAN ADRI A.
NAGUITA, DAROLYN B.
ILAO, ANGELICA M.
IMPERIAL, TRICIA ERICA D.
INSILA, SARAH MAE V.
JOSE, MICHELLA L.
LABAY, MYCA A.
LANDICHO, LORRAINE V.
LAMBO, TRISHA MAE T.
LIBELO, MARRIELLE L.
LLANA, MILDY C.
LINDERO, CHRISTINE ANGELA G.
LLAVAS, PRINCESS ANGELICA C.
LOZADES, JOHN CARLOS S.
LUMAYS, KATHLEEN JOY P.
LOYAGAN, JEAN PATRICIA M.
LOREN, JOANA N.
LOTO, CHRISTOPHER M.
LOZANO, ASHLEY ROSE H.
LUCAGAN, JOHN KENNETH N.
LUNA, MARY ANTONETTE P.
MAAGAYGOO, JERWAIN S.
MACALALAD, JAMES PH.
MAGALLON, MIGUELLE D.
MAGALLON, FROLIN
MAGTOE, GABRIELLE S.
MAGNAYE, SEEL MICHAELA D.
MAGSINO, EIZEL ANN P.
MALAS, JOHN REYLOU C.
MANABAT, LEILAH MAE M.
MANALO, REBECCA M.
MANALO, NERIMAN M.
MANGAHAS, AYESSEN V.
MANGAYOS, MAVERICK G.
MANGUI, JOHN CEDRICK B.
MANGUSIB, KRISHA MAE V.
MANJARES, JANNINE HEIL P.
MANTES, SOPHIA ELLAINE M.
MANZANO, ANGEL MAE
MARIGMEN, ANDREW JOHN V.
MARIPAWITA, JUAN CRISTALYN
MATOS, IRISH MAE
MENDOZA, CRISTINA JOY B.
MENDOZA, DHANNA JOY M.
MENDOZA, PHEBE ZHAM R.
MENDOZA, CYRELL C.
MENDOZA, MARIE LORRAINE S.
MENDOZA, MARIA LORRAINE
MOLITAS, RONAVANA B.
MOLTIM, ANGELA DAWN M.
MORALES, ANGELA MAE P.
NAPOLES, KIAN ADRI A.
NAGUITA, DAROLYN B.
ILAO, ANGELICA M.
IMPERIAL, TRICIA ERICA D.
INSILA, SARAH MAE V.
JOSE, MICHELLA L.
LABAY, MYCA A.
LANDICHO, LORRAINE V.
LAMBO, TRISHA MAE T.
LIBELO, MARRIELLE L.
LLANA, MILDY C.
LINDERO, CHRISTINE ANGELA G.
LLAVAS, PRINCESS ANGELICA C.
LOZADES, JOHN CARLOS S.
LUMAYS, KATHLEEN JOY P.
LOYAGAN, JEAN PATRICIA M.
LOREN, JOANA N.
LOTO, CHRISTOPHER M.
LOZANO, ASHLEY ROSE H.
LUCAGAN, JOHN KENNETH N.
LUNA, MARY ANTONETTE P.
MAAGAYGOO, JERWAIN S.
MACALALAD, JAMES PH.
MAGALLON, MIGUELLE D.
MAGALLON, FROLIN
MAGTOE, GABRIELLE S.
MAGNAYE, SEEL MICHAELA D.
MAGSINO, EIZEL ANN P.
MALAS, JOHN REYLOU C.
MANABAT, LEILAH MAE M.
MANALO, REBECCA M.
MANALO, NERIMAN M.
MANGAHAS, AYESSEN V.
MANGAYOS, MAVERICK G.
MANGUI, JOHN CEDRICK B.
MANGUSIB, KRISHA MAE V.
MANJARES, JANNINE HEIL P.
MANTES, SOPHIA ELLAINE M.
MANZANO, ANGEL MAE
MARIGMEN, ANDREW JOHN V.
MARIPAWITA, JUAN CRISTALYN
MATOS, IRISH MAE
MENDOZA, CRISTINA JOY B.
MENDOZA, DHANNA JOY M.
MENDOZA, PHEBE ZHAM R.
MENDOZA, CYRELL C.
MENDOZA, MARIE LORRAINE S.
MENDOZA, MARIA LORRAINE
MOLITAS, RONAVANA B.
MOLTIM, ANGELA DAWN M.
MORALES, ANGELA MAE P.
NAPOLES, KIAN ADRI A.
NAGUITA, DAROLYN B.
ILAO, ANGELICA M.
IMPERIAL, TRICIA ERICA D.
INSILA, SARAH MAE V.
JOSE, MICHELLA L.
LABAY, MYCA A.
LANDICHO, LORRAINE V.
LAMBO, TRISHA MAE T.
LIBELO, MARRIELLE L.
LLANA, MILDY C.
LINDERO, CHRISTINE ANGELA G.
LLAVAS, PRINCESS ANGELICA C.
LOZADES, JOHN CARLOS S.
LUMAYS, KATHLEEN JOY P.
LOYAGAN, JEAN PATRICIA M.
LOREN, JOANA N.
LOTO, CHRISTOPHER M.
LOZANO, ASHLEY ROSE H.
LUCAGAN, JOHN KENNETH N.
LUNA, MARY ANTONETTE P.
MAAGAYGOO, JERWAIN S.
MACALALAD, JAMES PH.
MAGALLON, MIGUELLE D.
MAGALLON, FROLIN
MAGTOE, GABRIELLE S.
MAGNAYE, SEEL MICHAELA D.
MAGSINO, EIZEL ANN P.
MALAS, JOHN REYLOU C.
MANABAT, LEILAH MAE M.
MANALO, REBECCA M.
MANALO, NERIMAN M.
MANGAHAS, AYESSEN V.
MANGAYOS, MAVERICK G.
MANGUI, JOHN CEDRICK B.
MANGUSIB, KRISHA MAE V.
MANJARES, JANNINE HEIL P.
MANTES, SOPHIA ELLAINE M.
MANZANO, ANGEL MAE
MARIGMEN, ANDREW JOHN V.
MARIPAWITA, JUAN CRISTALYN
MATOS, IRISH MAE
MENDOZA, CRISTINA JOY B.
MENDOZA, DHANNA JOY M.
MENDOZA, PHEBE ZHAM R.
MENDOZA, CYRELL C.
MENDOZA, MARIE LORRAINE S.
MENDOZA, MARIA LORRAINE
MOLITAS, RONAVANA B.
MOLTIM, ANGELA DAWN M.
MORALES, ANGELA MAE P.
NAPOLES, KIAN ADRI A.
NAGUITA, DAROLYN B.
ILAO, ANGELICA M.
IMPERIAL, TRICIA ERICA D.
INSILA, SARAH MAE V.
JOSE, MICHELLA L.
LABAY, MYCA A.
LANDICHO, LORRAINE V.
LAMBO, TRISHA MAE T.
LIBELO, MARRIELLE L.
LLANA, MILDY C.
LINDERO, CHRISTINE ANGELA G.
LLAVAS, PRINCESS ANGELICA C.
LOZADES, JOHN CARLOS S.
LUMAYS, KATHLEEN JOY P.
LOYAGAN, JEAN PATRICIA M.
LOREN, JOANA N.
LOTO, CHRISTOPHER M.
LOZANO, ASHLEY ROSE H.
LUCAGAN, JOHN KENNETH N.
LUNA, MARY ANTONETTE P.
MAAGAYGOO, JERWAIN S.
MACALALAD, JAMES PH.
MAGALLON, MIGUELLE D.
MAGALLON, FROLIN
MAGTOE, GABRIELLE S.
MAGNAYE, SEEL MICHAELA D.
MAGSINO, EIZEL ANN P.
MALAS, JOHN REYLOU C.
MANABAT, LEILAH MAE M.
MANALO, REBECCA M.
MANALO, NERIMAN M.
MANGAHAS, AYESSEN V.
MANGAYOS, MAVERICK G.
MANGUI, JOHN CEDRICK B.
MANGUSIB, KRISHA MAE V.
MANJARES, JANNINE HEIL P.
MANTES, SOPHIA ELLAINE M.
MANZANO, ANGEL MAE
MARIGMEN, ANDREW JOHN V.
MARIPAWITA, JUAN CRISTALYN
MATOS, IRISH MAE
MENDOZA, CRISTINA JOY B.
MENDOZA, DHANNA JOY M.
MENDOZA, PHEBE ZHAM R.
MENDOZA, CYRELL C.
MENDOZA, MARIE LORRAINE S.
MENDOZA, MARIA LORRAINE
MOLITAS, RONAVANA B.
MOLTIM, ANGELA DAWN M.
MORALES, ANGELA MAE P.
NAPOLES, KIAN ADRI A.
NAGUITA, DAROLYN B.
ILAO, ANGELICA M.
IMPERIAL, TRICIA ERICA D.
INSILA, SARAH MAE V.
JOSE, MICHELLA L.
LABAY, MYCA A.
LANDICHO, LORRAINE V.
LAMBO, TRISHA MAE T.
LIBELO, MARRIELLE L.
LLANA, MILDY C.
LINDERO, CHRISTINE ANGELA G.
LLAVAS, PRINCESS ANGELICA C.
LOZADES, JOHN CARLOS S.
LUMAYS, KATHLEEN JOY P.
LOYAGAN, JEAN PATRICIA M.
LOREN, JOANA N.
LOTO, CHRISTOPHER M.
LOZANO, ASHLEY ROSE H.
LUCAGAN, JOHN KENNETH N.
LUNA, MARY ANTONETTE P.
MAAGAYGOO, JERWAIN S.
MACALALAD, JAMES PH.
MAGALLON, MIGUELLE D.
MAGALLON, FROLIN
MAGTOE, GABRIELLE S.
MAGNAYE, SEEL MICHAELA D.
MAGSINO, EIZEL ANN P.
MALAS, JOHN REYLOU C.
MANABAT, LEILAH MAE M.
MANALO, REBECCA M.
MANALO, NERIMAN M.
MANGAHAS, AYESSEN V.
MANGAYOS, MAVERICK G.
MANGUI, JOHN CEDRICK B.
MANGUSIB, KRISHA MAE V.
MANJARES, JANNINE HEIL P.
MANTES, SOPHIA ELLAINE M.
MANZANO, ANGEL MAE
MARIGMEN, ANDREW JOHN V.
MARIPAWITA, JUAN CRISTALYN
MATOS, IRISH MAE
MENDOZA, CRISTINA JOY B.
MENDOZA, DHANNA JOY M.
MENDOZA, PHEBE ZHAM R.
MENDOZA, CYRELL C.
MENDOZA, MARIE LORRAINE S.
MENDOZA, MARIA LORRAINE
MOLITAS, RONAVANA B.
MOLTIM, ANGELA DAWN M.
MORALES, ANGELA MAE P.
NAPOLES, KIAN ADRI A.
NAGUITA, DAROLYN B.
N
U
R
S
I
N
G

1
C
